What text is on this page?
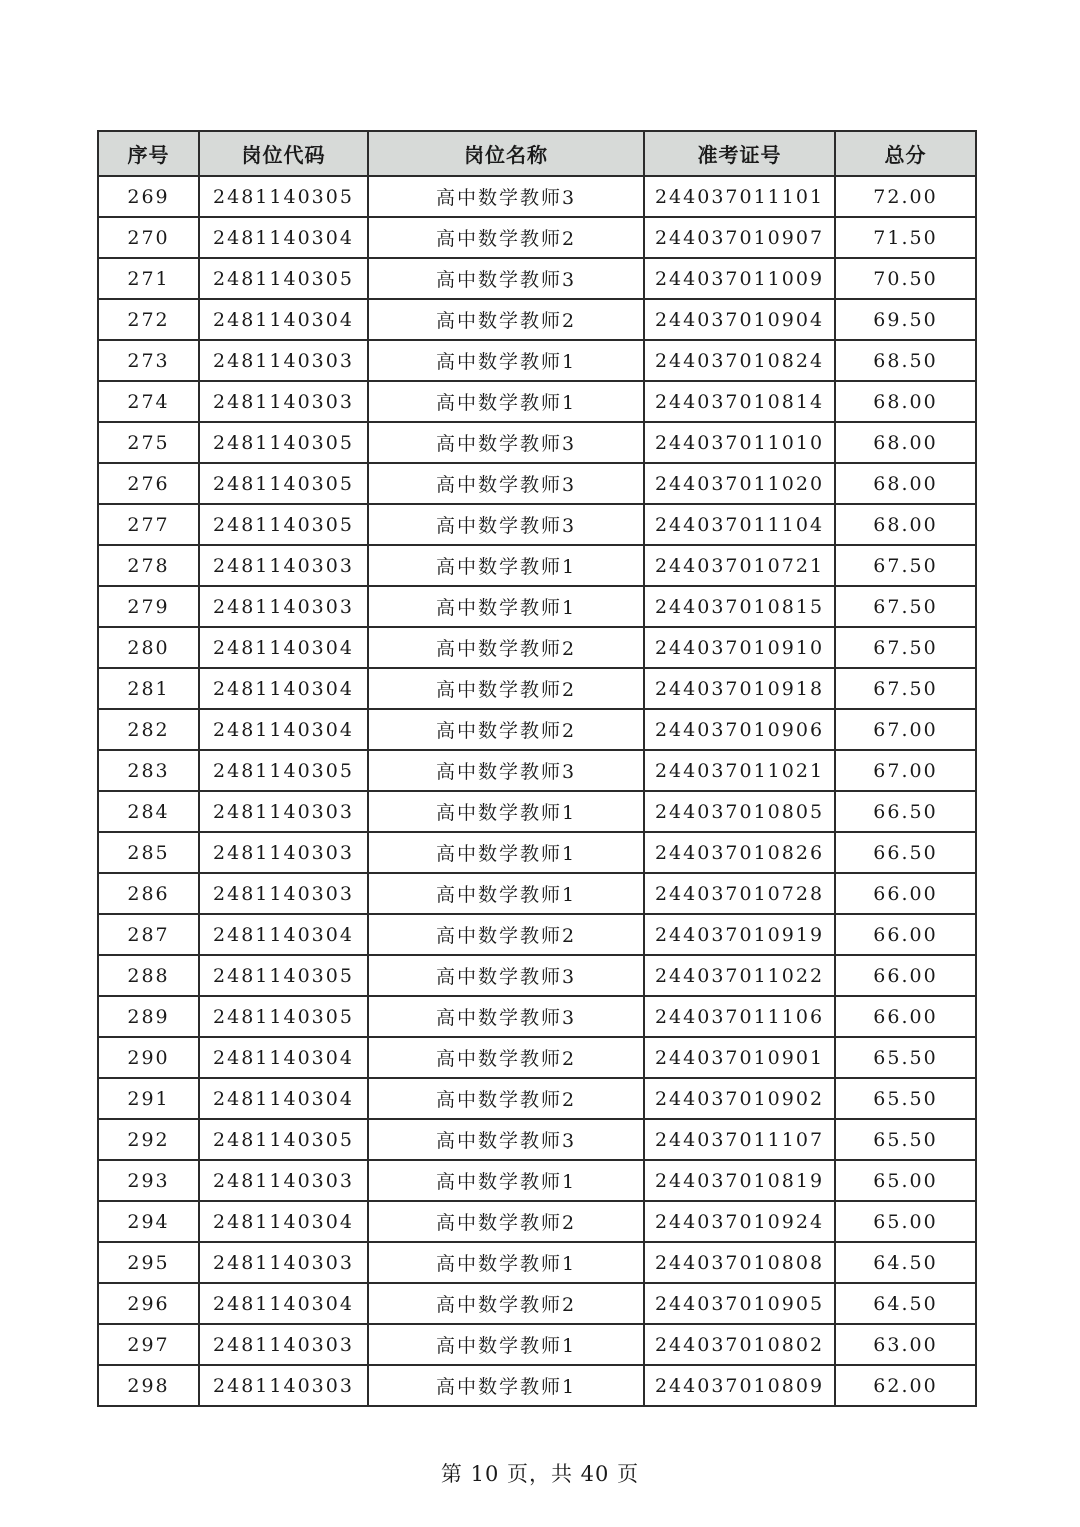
序号	岗位代码	岗位名称	准考证号	总分
269	2481140305	高中数学教师3	244037011101	72.00
270	2481140304	高中数学教师2	244037010907	71.50
271	2481140305	高中数学教师3	244037011009	70.50
272	2481140304	高中数学教师2	244037010904	69.50
273	2481140303	高中数学教师1	244037010824	68.50
274	2481140303	高中数学教师1	244037010814	68.00
275	2481140305	高中数学教师3	244037011010	68.00
276	2481140305	高中数学教师3	244037011020	68.00
277	2481140305	高中数学教师3	244037011104	68.00
278	2481140303	高中数学教师1	244037010721	67.50
279	2481140303	高中数学教师1	244037010815	67.50
280	2481140304	高中数学教师2	244037010910	67.50
281	2481140304	高中数学教师2	244037010918	67.50
282	2481140304	高中数学教师2	244037010906	67.00
283	2481140305	高中数学教师3	244037011021	67.00
284	2481140303	高中数学教师1	244037010805	66.50
285	2481140303	高中数学教师1	244037010826	66.50
286	2481140303	高中数学教师1	244037010728	66.00
287	2481140304	高中数学教师2	244037010919	66.00
288	2481140305	高中数学教师3	244037011022	66.00
289	2481140305	高中数学教师3	244037011106	66.00
290	2481140304	高中数学教师2	244037010901	65.50
291	2481140304	高中数学教师2	244037010902	65.50
292	2481140305	高中数学教师3	244037011107	65.50
293	2481140303	高中数学教师1	244037010819	65.00
294	2481140304	高中数学教师2	244037010924	65.00
295	2481140303	高中数学教师1	244037010808	64.50
296	2481140304	高中数学教师2	244037010905	64.50
297	2481140303	高中数学教师1	244037010802	63.00
298	2481140303	高中数学教师1	244037010809	62.00
第 10 页，共 40 页
